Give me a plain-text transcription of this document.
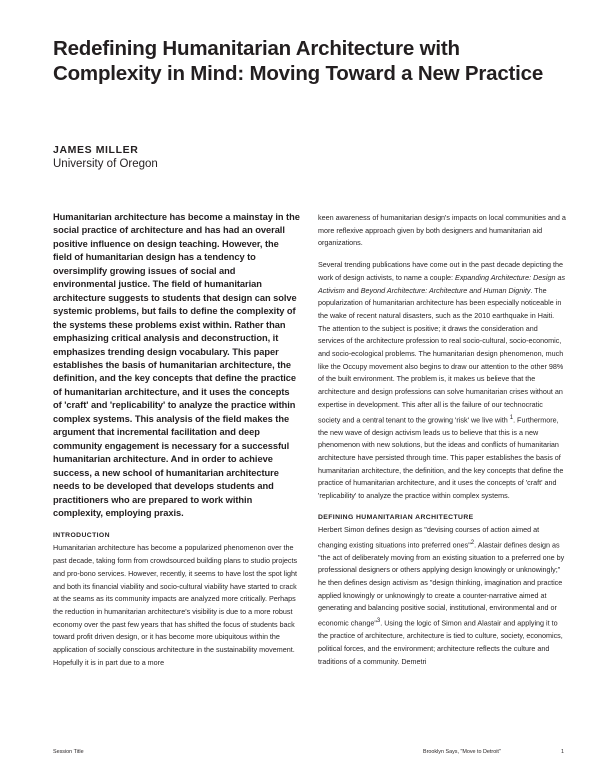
Redefining Humanitarian Architecture with Complexity in Mind: Moving Toward a New Practice
JAMES MILLER
University of Oregon

Humanitarian architecture has become a mainstay in the social practice of architecture and has had an overall positive influence on design teaching. However, the field of humanitarian design has a tendency to oversimplify growing issues of social and environmental justice. The field of humanitarian architecture suggests to students that design can solve systemic problems, but fails to define the complexity of the systems these problems exist within. Rather than emphasizing critical analysis and deconstruction, it emphasizes trending design vocabulary. This paper establishes the basis of humanitarian architecture, the definition, and the key concepts that define the practice of humanitarian architecture, and it uses the concepts of 'craft' and 'replicability' to analyze the practice within complex systems. This analysis of the field makes the argument that incremental facilitation and deep community engagement is necessary for a successful humanitarian architecture. And in order to achieve success, a new school of humanitarian architecture needs to be developed that develops students and practitioners who are prepared to work within complexity, employing praxis.

INTRODUCTION

Humanitarian architecture has become a popularized phenomenon over the past decade, taking form from crowdsourced building plans to studio projects and pro-bono services. However, recently, it seems to have lost the spot light and both its financial viability and socio-cultural viability have started to crack at the seams as its community impacts are analyzed more critically. Perhaps the reduction in humanitarian architecture's visibility is due to a more robust economy over the past few years that has shifted the focus of students back toward profit driven design, or it has become more ubiquitous within the application of socially conscious architecture in the sustainability movement. Hopefully it is in part due to a more

keen awareness of humanitarian design's impacts on local communities and a more reflexive approach given by both designers and humanitarian aid organizations.

Several trending publications have come out in the past decade depicting the work of design activists, to name a couple: Expanding Architecture: Design as Activism and Beyond Architecture: Architecture and Human Dignity. The popularization of humanitarian architecture has been especially noticeable in the wake of recent natural disasters, such as the 2010 earthquake in Haiti. The attention to the subject is positive; it draws the consideration and services of the architecture profession to real socio-cultural, socio-economic, and socio-ecological problems. The humanitarian design phenomenon, much like the Occupy movement also begins to draw our attention to the other 98% of the built environment. The problem is, it makes us believe that the architecture and design professions can solve humanitarian crises without an expertise in development. This after all is the failure of our technocratic society and a central tenant to the growing 'risk' we live with $^1$. Furthermore, the new wave of design activism leads us to believe that this is a new phenomenon with new solutions, but the ideas and conflicts of humanitarian architecture have persisted through time. This paper establishes the basis of humanitarian architecture, the definition, and the key concepts that define the practice of humanitarian architecture, and it uses the concepts of 'craft' and 'replicability' to analyze the practice within complex systems.

DEFINING HUMANITARIAN ARCHITECTURE

Herbert Simon defines design as "devising courses of action aimed at changing existing situations into preferred ones"$^2$. Alastair defines design as "the act of deliberately moving from an existing situation to a preferred one by professional designers or others applying design knowingly or unknowingly;" he then defines design activism as "design thinking, imagination and practice applied knowingly or unknowingly to create a counter-narrative aimed at generating and balancing positive social, institutional, environmental and or economic change"$^3$. Using the logic of Simon and Alastair and applying it to the practice of architecture, architecture is tied to culture, society, economics, political forces, and the environment; architecture reflects the culture and traditions of a community. Demetri

Session Title	Brooklyn Says, "Move to Detroit"	1
